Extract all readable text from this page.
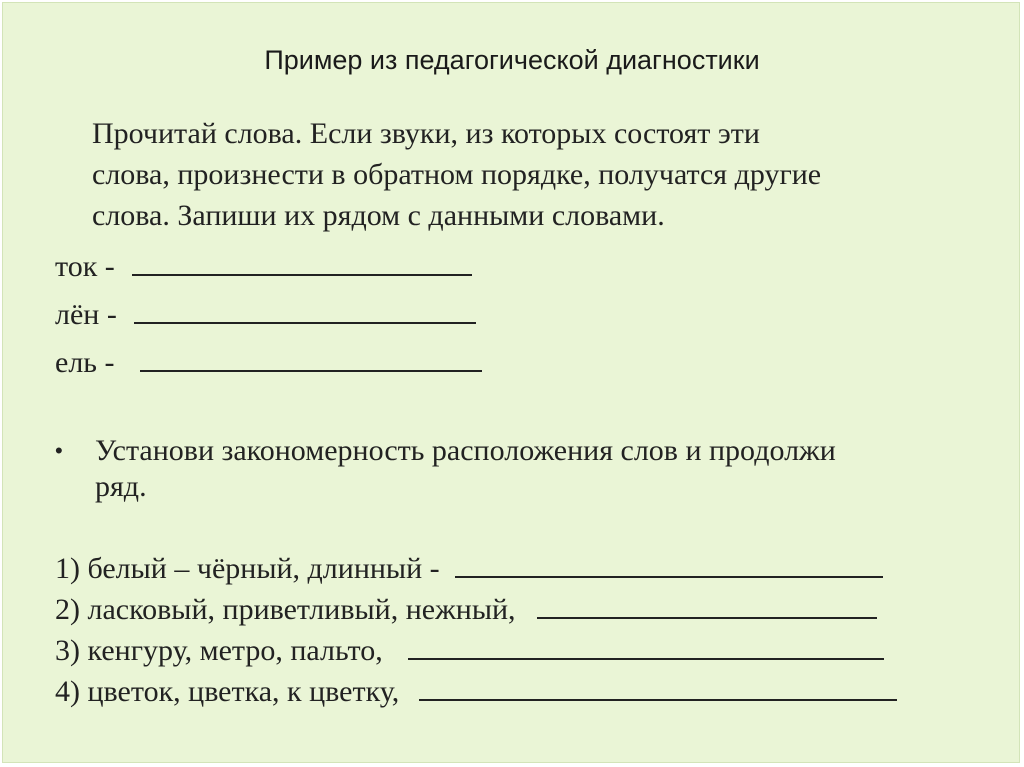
Пример из педагогической диагностики
Прочитай слова. Если звуки, из которых состоят эти
слова, произнести в обратном порядке, получатся другие
слова. Запиши их рядом с данными словами.
ток -
лён -
ель -
• Установи закономерность расположения слов и продолжи
ряд.
1) белый – чёрный, длинный -
2) ласковый, приветливый, нежный,
3) кенгуру, метро, пальто,
4) цветок, цветка, к цветку,
